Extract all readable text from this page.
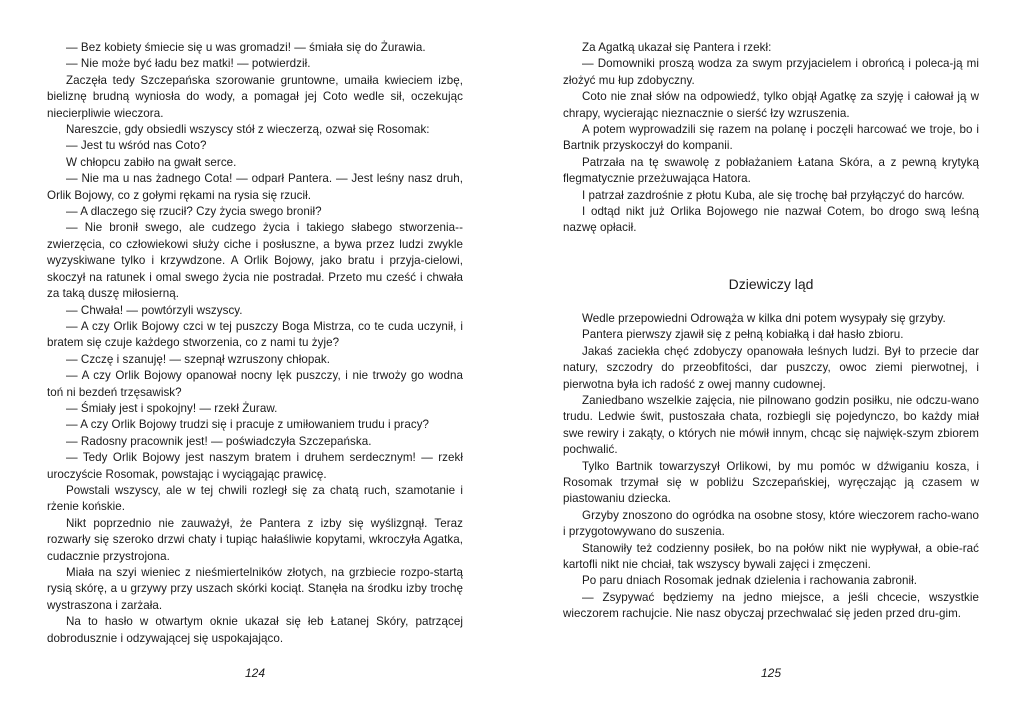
— Bez kobiety śmiecie się u was gromadzi! — śmiała się do Żurawia.

— Nie może być ładu bez matki! — potwierdził.

Zaczęła tedy Szczepańska szorowanie gruntowne, umaiła kwieciem izbę, bieliznę brudną wyniosła do wody, a pomagał jej Coto wedle sił, oczekując niecierpliwie wieczora.

Nareszcie, gdy obsiedli wszyscy stół z wieczerzą, ozwał się Rosomak:

— Jest tu wśród nas Coto?

W chłopcu zabiło na gwałt serce.

— Nie ma u nas żadnego Cota! — odparł Pantera. — Jest leśny nasz druh, Orlik Bojowy, co z gołymi rękami na rysia się rzucił.

— A dlaczego się rzucił? Czy życia swego bronił?

— Nie bronił swego, ale cudzego życia i takiego słabego stworzenia-​-zwierzęcia, co człowiekowi służy ciche i posłuszne, a bywa przez ludzi zwykle wyzyskiwane tylko i krzywdzone. A Orlik Bojowy, jako bratu i przyja-​cielowi, skoczył na ratunek i omal swego życia nie postradał. Przeto mu cześć i chwała za taką duszę miłosierną.

— Chwała! — powtórzyli wszyscy.

— A czy Orlik Bojowy czci w tej puszczy Boga Mistrza, co te cuda uczynił, i bratem się czuje każdego stworzenia, co z nami tu żyje?

— Czczę i szanuję! — szepnął wzruszony chłopak.

— A czy Orlik Bojowy opanował nocny lęk puszczy, i nie trwoży go wodna toń ni bezdeń trzęsawisk?

— Śmiały jest i spokojny! — rzekł Żuraw.

— A czy Orlik Bojowy trudzi się i pracuje z umiłowaniem trudu i pracy?

— Radosny pracownik jest! — poświadczyła Szczepańska.

— Tedy Orlik Bojowy jest naszym bratem i druhem serdecznym! — rzekł uroczyście Rosomak, powstając i wyciągając prawicę.

Powstali wszyscy, ale w tej chwili rozległ się za chatą ruch, szamotanie i rżenie końskie.

Nikt poprzednio nie zauważył, że Pantera z izby się wyślizgnął. Teraz rozwarły się szeroko drzwi chaty i tupiąc hałaśliwie kopytami, wkroczyła Agatka, cudacznie przystrojona.

Miała na szyi wieniec z nieśmiertelników złotych, na grzbiecie rozpo-​startą rysią skórę, a u grzywy przy uszach skórki kociąt. Stanęła na środku izby trochę wystraszona i zarżała.

Na to hasło w otwartym oknie ukazał się łeb Łatanej Skóry, patrzącej dobrodusznie i odzywającej się uspokajająco.

Za Agatką ukazał się Pantera i rzekł:

— Domowniki proszą wodza za swym przyjacielem i obrońcą i poleca-​ją mi złożyć mu łup zdobyczny.

Coto nie znał słów na odpowiedź, tylko objął Agatkę za szyję i całował ją w chrapy, wycierając nieznacznie o sierść łzy wzruszenia.

A potem wyprowadzili się razem na polanę i poczęli harcować we troje, bo i Bartnik przyskoczył do kompanii.

Patrzała na tę swawolę z pobłażaniem Łatana Skóra, a z pewną krytyką flegmatycznie przeżuwająca Hatora.

I patrzał zazdrośnie z płotu Kuba, ale się trochę bał przyłączyć do harców.

I odtąd nikt już Orlika Bojowego nie nazwał Cotem, bo drogo swą leśną nazwę opłacił.

Dziewiczy ląd

Wedle przepowiedni Odrowąża w kilka dni potem wysypały się grzyby.

Pantera pierwszy zjawił się z pełną kobiałką i dał hasło zbioru.

Jakaś zaciekła chęć zdobyczy opanowała leśnych ludzi. Był to przecie dar natury, szczodry do przeobfitości, dar puszczy, owoc ziemi pierwotnej, i pierwotna była ich radość z owej manny cudownej.

Zaniedbano wszelkie zajęcia, nie pilnowano godzin posiłku, nie odczu-​wano trudu. Ledwie świt, pustoszała chata, rozbiegli się pojedynczo, bo każdy miał swe rewiry i zakąty, o których nie mówił innym, chcąc się najwięk-​szym zbiorem pochwalić.

Tylko Bartnik towarzyszył Orlikowi, by mu pomóc w dźwiganiu kosza, i Rosomak trzymał się w pobliżu Szczepańskiej, wyręczając ją czasem w piastowaniu dziecka.

Grzyby znoszono do ogródka na osobne stosy, które wieczorem racho-​wano i przygotowywano do suszenia.

Stanowiły też codzienny posiłek, bo na połów nikt nie wypływał, a obie-​rać kartofli nikt nie chciał, tak wszyscy bywali zajęci i zmęczeni.

Po paru dniach Rosomak jednak dzielenia i rachowania zabronił.

— Zsypywać będziemy na jedno miejsce, a jeśli chcecie, wszystkie wieczorem rachujcie. Nie nasz obyczaj przechwalać się jeden przed dru-​gim.

124	125
